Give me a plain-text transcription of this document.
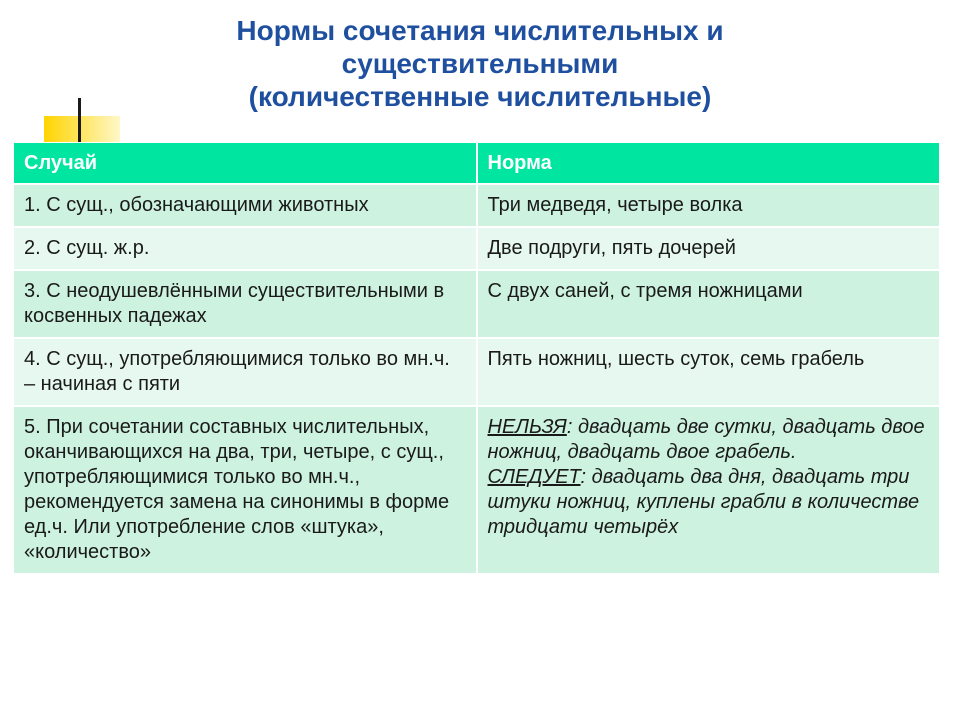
Нормы сочетания числительных и
существительными
(количественные числительные)
Случай	Норма
1. С сущ., обозначающими животных	Три медведя, четыре волка
2. С сущ. ж.р.	Две подруги, пять дочерей
3. С неодушевлёнными существительными в косвенных падежах	С двух саней, с тремя ножницами
4. С сущ., употребляющимися только во мн.ч. – начиная с пяти	Пять ножниц, шесть суток, семь грабель
5. При сочетании составных числительных, оканчивающихся на два, три, четыре, с сущ., употребляющимися только во мн.ч., рекомендуется замена на синонимы в форме ед.ч. Или употребление слов «штука», «количество»	НЕЛЬЗЯ: двадцать две сутки, двадцать двое ножниц, двадцать двое грабель.
СЛЕДУЕТ: двадцать два дня, двадцать три штуки ножниц, куплены грабли в количестве тридцати четырёх
